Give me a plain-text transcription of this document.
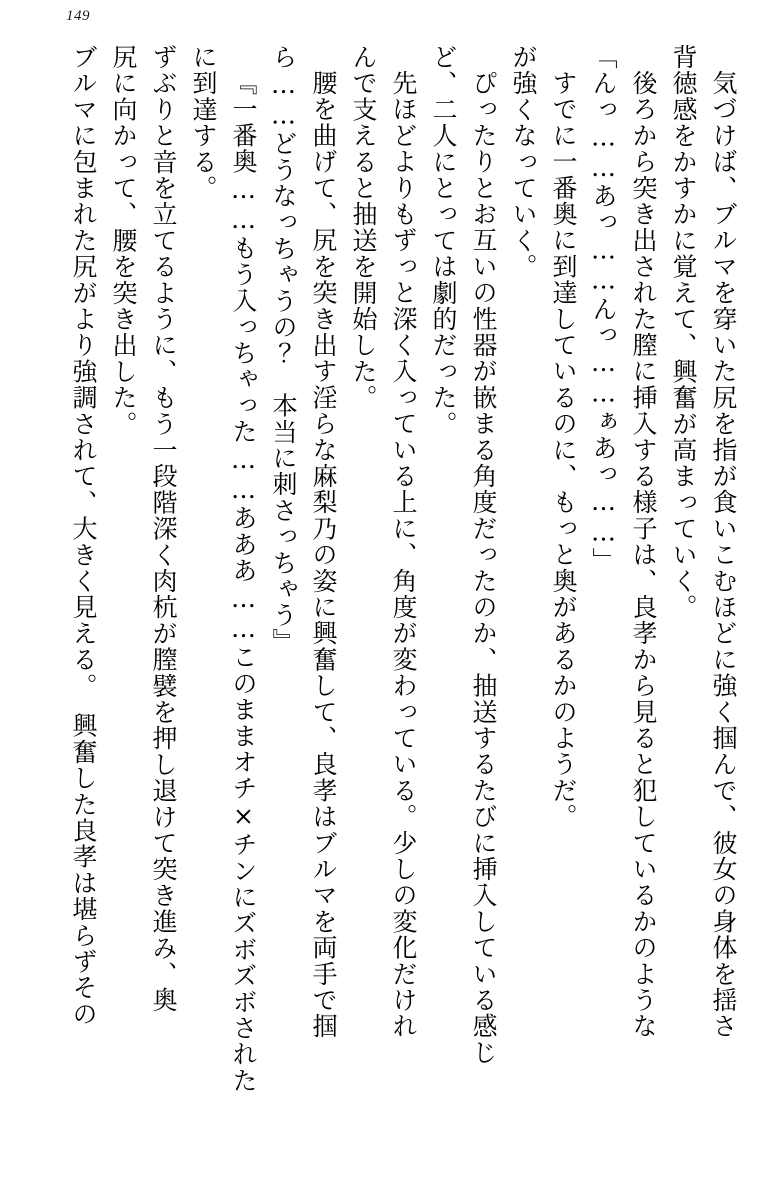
149
ブルマに包まれた尻がより強調されて、大きく見える。　興奮した良孝は堪らずその 尻に向かって、腰を突き出した。 ずぶりと音を立てるように、もう一段階深く肉杭が膣襞を押し退けて突き進み、奥 に到達する。 『一番奥……もう入っちゃった……あああ……このままオチ×チンにズボズボされた ら……どうなっちゃうの？　本当に刺さっちゃう』 腰を曲げて、尻を突き出す淫らな麻梨乃の姿に興奮して、良孝はブルマを両手で掴 んで支えると抽送を開始した。 先ほどよりもずっと深く入っている上に、角度が変わっている。少しの変化だけれ ど、二人にとっては劇的だった。 ぴったりとお互いの性器が嵌まる角度だったのか、抽送するたびに挿入している感じ が強くなっていく。 すでに一番奥に到達しているのに、もっと奥があるかのようだ。 「んっ……あっ……んっ……ぁあっ……」 後ろから突き出された膣に挿入する様子は、良孝から見ると犯しているかのような 背徳感をかすかに覚えて、興奮が高まっていく。 気づけば、ブルマを穿いた尻を指が食いこむほどに強く掴んで、彼女の身体を揺さ
